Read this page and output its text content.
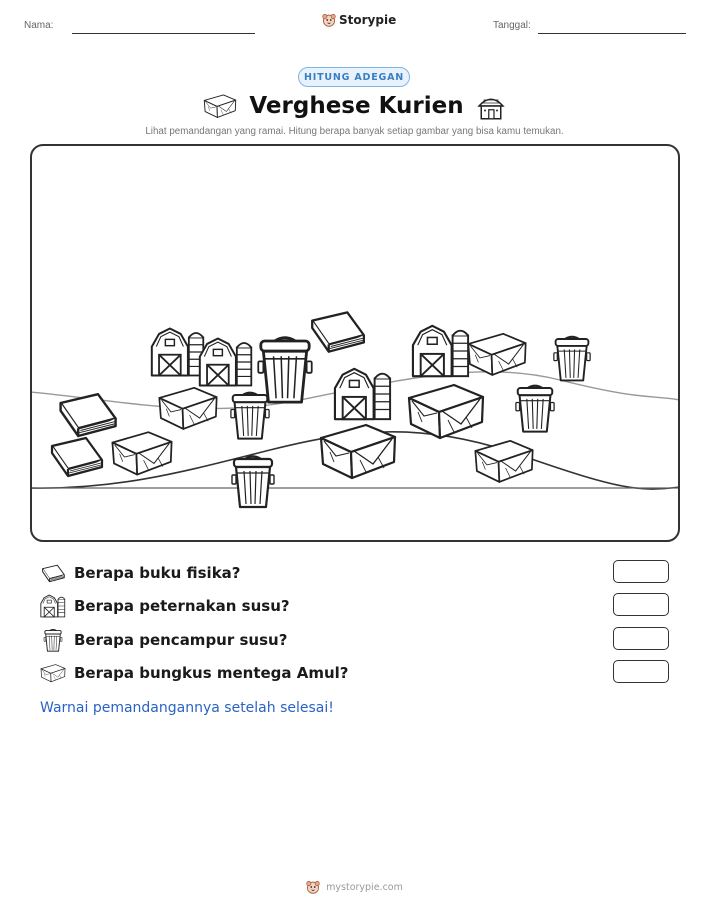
Nama:	Storypie	Tanggal:
HITUNG ADEGAN
Verghese Kurien
Lihat pemandangan yang ramai. Hitung berapa banyak setiap gambar yang bisa kamu temukan.
Berapa buku fisika?
Berapa peternakan susu?
Berapa pencampur susu?
Berapa bungkus mentega Amul?
Warnai pemandangannya setelah selesai!
mystorypie.com
